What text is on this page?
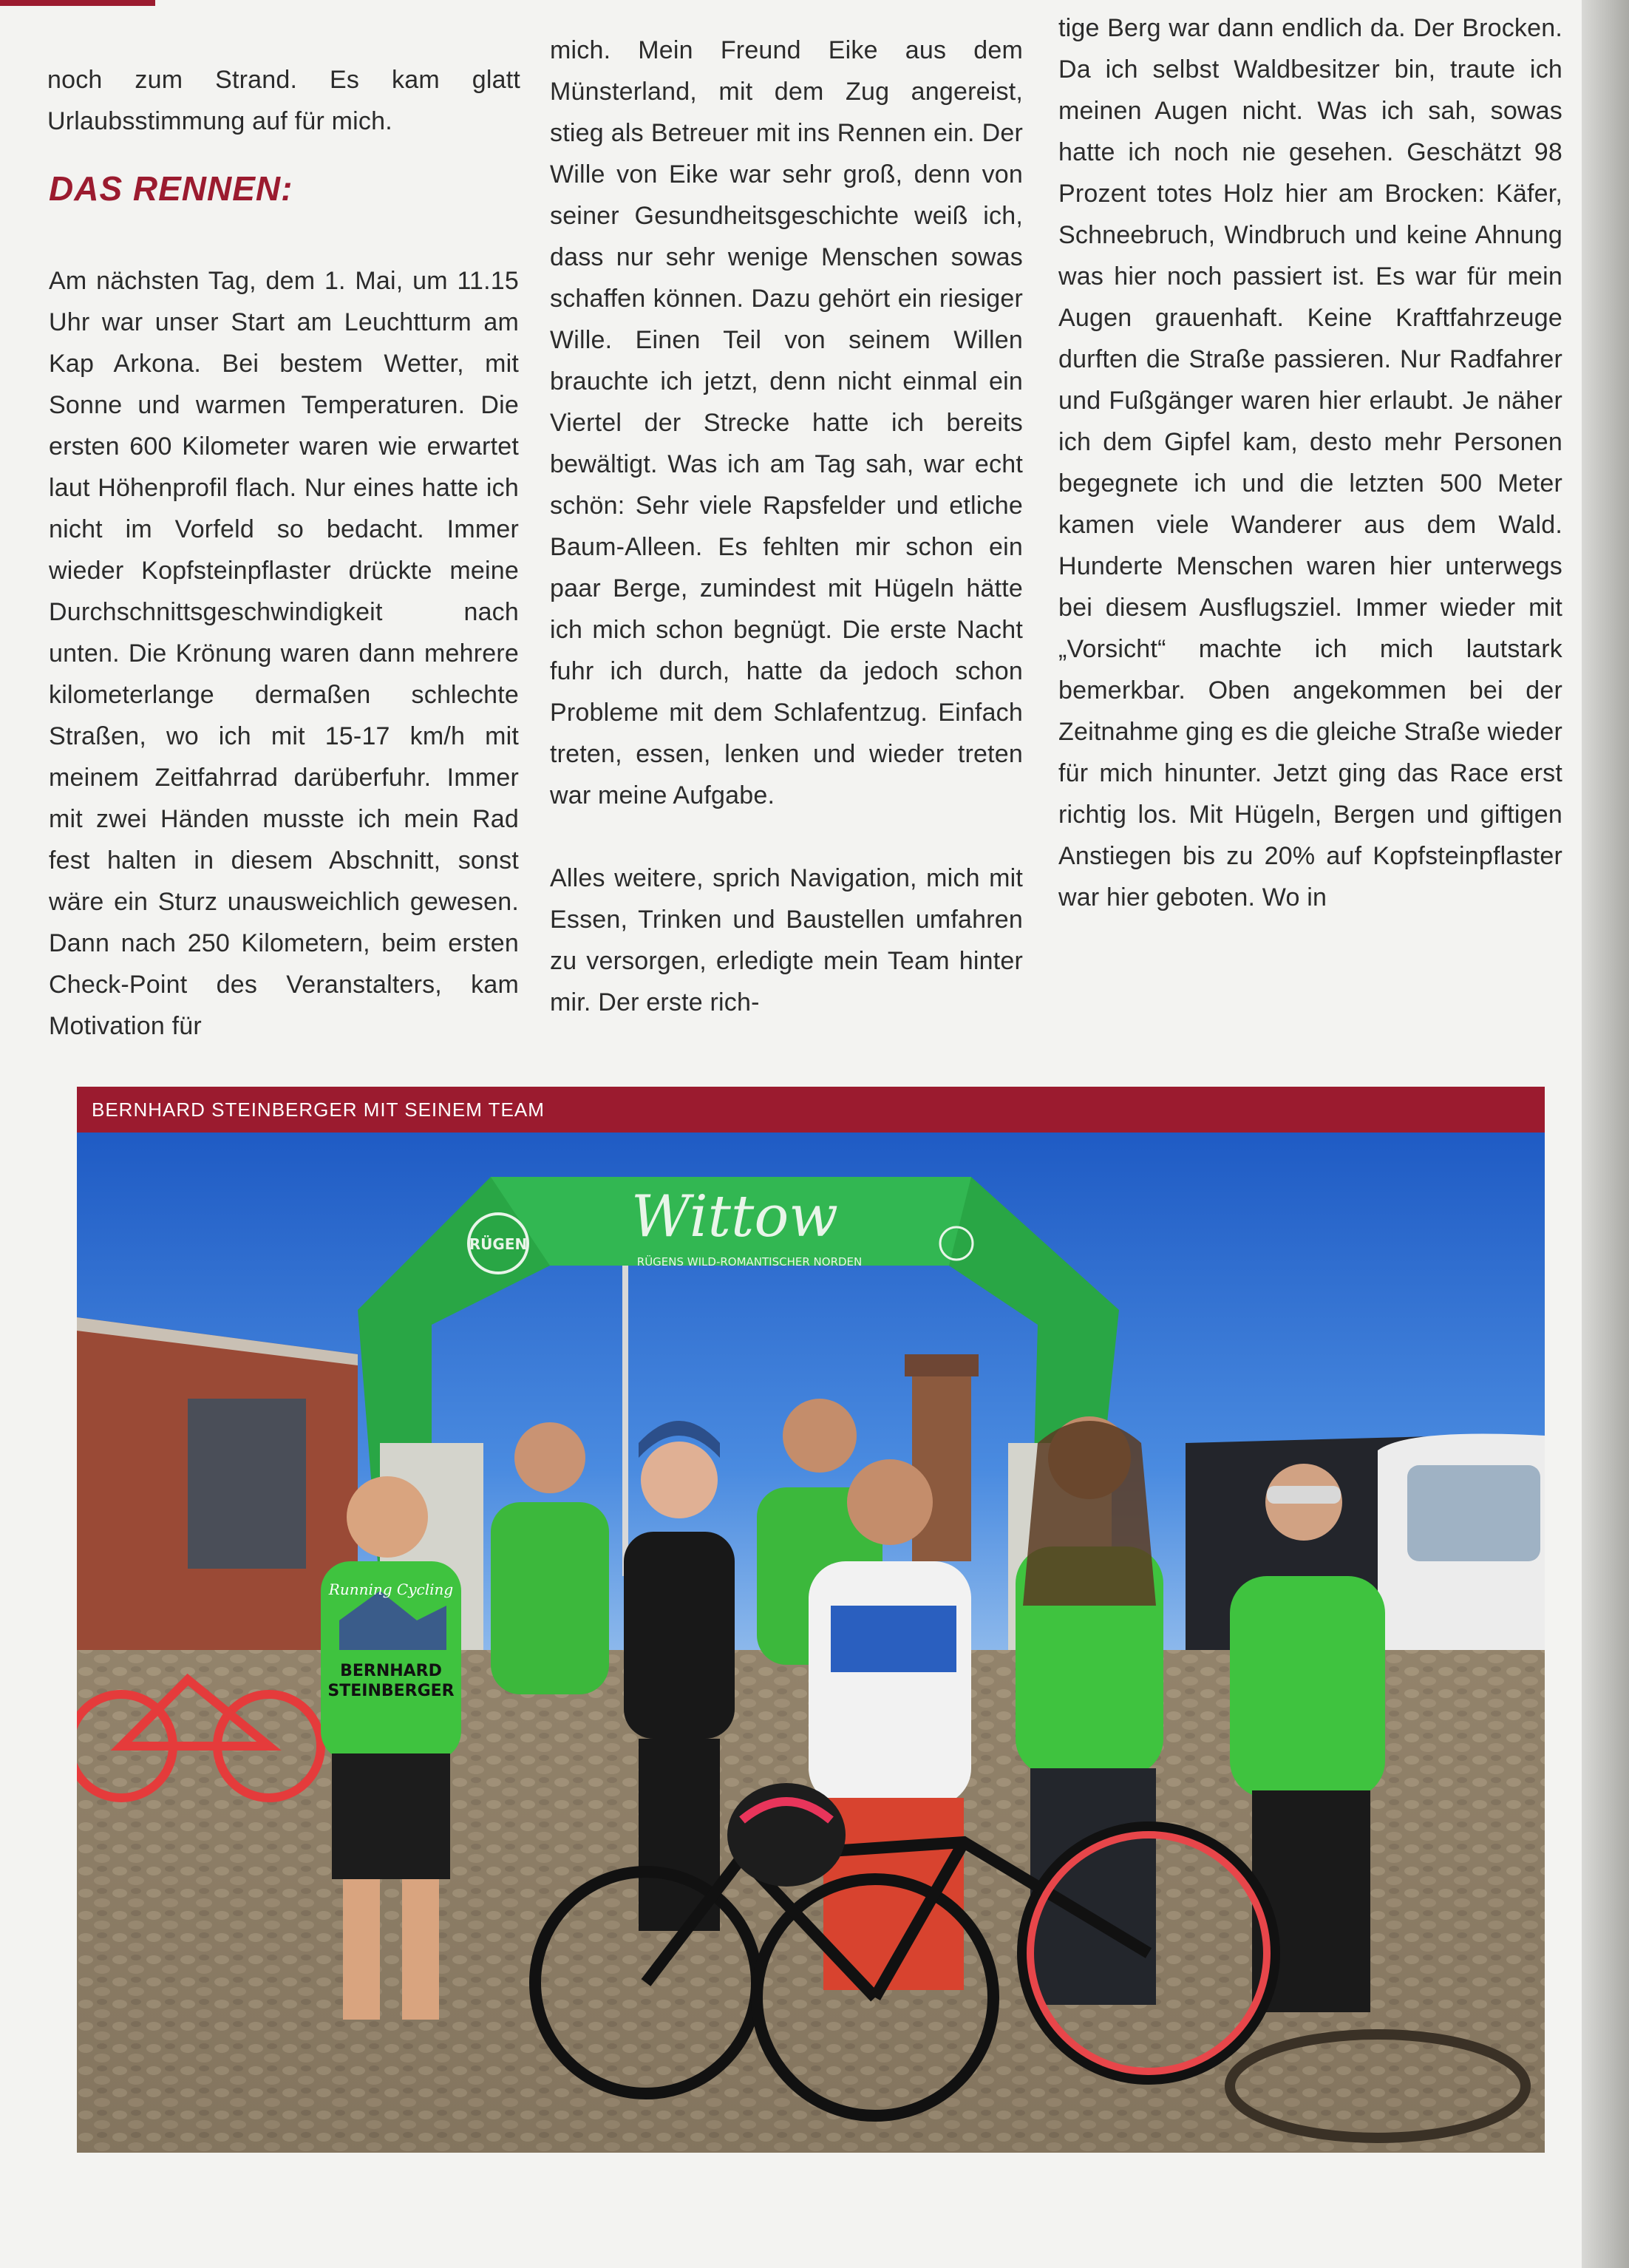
noch zum Strand. Es kam glatt Urlaubsstimmung auf für mich.

DAS RENNEN:

Am nächsten Tag, dem 1. Mai, um 11.15 Uhr war unser Start am Leuchtturm am Kap Arkona. Bei bestem Wetter, mit Sonne und warmen Temperaturen. Die ersten 600 Kilometer waren wie erwartet laut Höhenprofil flach. Nur eines hatte ich nicht im Vorfeld so bedacht. Immer wieder Kopfsteinpflaster drückte meine Durchschnittsgeschwindigkeit nach unten. Die Krönung waren dann mehrere kilometerlange dermaßen schlechte Straßen, wo ich mit 15-17 km/h mit meinem Zeitfahrrad darüberfuhr. Immer mit zwei Händen musste ich mein Rad fest halten in diesem Abschnitt, sonst wäre ein Sturz unausweichlich gewesen. Dann nach 250 Kilometern, beim ersten Check-Point des Veranstalters, kam Motivation für

mich. Mein Freund Eike aus dem Münsterland, mit dem Zug angereist, stieg als Betreuer mit ins Rennen ein. Der Wille von Eike war sehr groß, denn von seiner Gesundheitsgeschichte weiß ich, dass nur sehr wenige Menschen sowas schaffen können. Dazu gehört ein riesiger Wille. Einen Teil von seinem Willen brauchte ich jetzt, denn nicht einmal ein Viertel der Strecke hatte ich bereits bewältigt. Was ich am Tag sah, war echt schön: Sehr viele Rapsfelder und etliche Baum-Alleen. Es fehlten mir schon ein paar Berge, zumindest mit Hügeln hätte ich mich schon begnügt. Die erste Nacht fuhr ich durch, hatte da jedoch schon Probleme mit dem Schlafentzug. Einfach treten, essen, lenken und wieder treten war meine Aufgabe.

Alles weitere, sprich Navigation, mich mit Essen, Trinken und Baustellen umfahren zu versorgen, erledigte mein Team hinter mir. Der erste rich-

tige Berg war dann endlich da. Der Brocken. Da ich selbst Waldbesitzer bin, traute ich meinen Augen nicht. Was ich sah, sowas hatte ich noch nie gesehen. Geschätzt 98 Prozent totes Holz hier am Brocken: Käfer, Schneebruch, Windbruch und keine Ahnung was hier noch passiert ist. Es war für mein Augen grauenhaft. Keine Kraftfahrzeuge durften die Straße passieren. Nur Radfahrer und Fußgänger waren hier erlaubt. Je näher ich dem Gipfel kam, desto mehr Personen begegnete ich und die letzten 500 Meter kamen viele Wanderer aus dem Wald. Hunderte Menschen waren hier unterwegs bei diesem Ausflugsziel. Immer wieder mit „Vorsicht“ machte ich mich lautstark bemerkbar. Oben angekommen bei der Zeitnahme ging es die gleiche Straße wieder für mich hinunter. Jetzt ging das Race erst richtig los. Mit Hügeln, Bergen und giftigen Anstiegen bis zu 20% auf Kopfsteinpflaster war hier geboten. Wo in

BERNHARD STEINBERGER MIT SEINEM TEAM
Wittow
RÜGENS WILD-ROMANTISCHER NORDEN
RÜGEN
Running Cycling
BERNHARD
STEINBERGER
